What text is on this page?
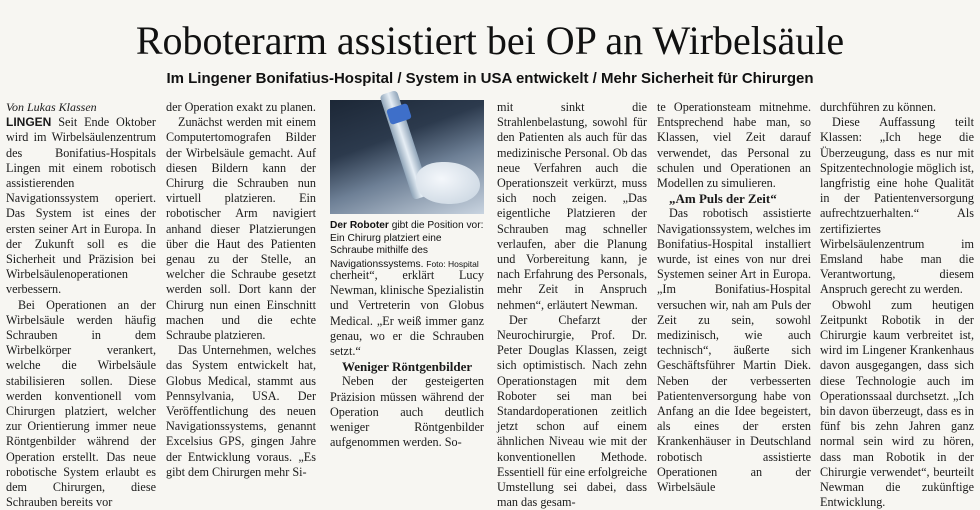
Roboterarm assistiert bei OP an Wirbelsäule
Im Lingener Bonifatius-Hospital / System in USA entwickelt / Mehr Sicherheit für Chirurgen

Von Lukas Klassen

LINGEN Seit Ende Oktober wird im Wirbelsäulenzentrum des Bonifatius-Hospitals Lingen mit einem robotisch assistierenden Navigationssystem operiert. Das System ist eines der ersten seiner Art in Europa. In der Zukunft soll es die Sicherheit und Präzision bei Wirbelsäulenoperationen verbessern.

Bei Operationen an der Wirbelsäule werden häufig Schrauben in dem Wirbelkörper verankert, welche die Wirbelsäule stabilisieren sollen. Diese werden konventionell vom Chirurgen platziert, welcher zur Orientierung immer neue Röntgenbilder während der Operation erstellt. Das neue robotische System erlaubt es dem Chirurgen, diese Schrauben bereits vor

der Operation exakt zu planen.

Zunächst werden mit einem Computertomografen Bilder der Wirbelsäule gemacht. Auf diesen Bildern kann der Chirurg die Schrauben nun virtuell platzieren. Ein robotischer Arm navigiert anhand dieser Platzierungen über die Haut des Patienten genau zu der Stelle, an welcher die Schraube gesetzt werden soll. Dort kann der Chirurg nun einen Einschnitt machen und die echte Schraube platzieren.

Das Unternehmen, welches das System entwickelt hat, Globus Medical, stammt aus Pennsylvania, USA. Der Veröffentlichung des neuen Navigationssystems, genannt Excelsius GPS, gingen Jahre der Entwicklung voraus. „Es gibt dem Chirurgen mehr Si-

Der Roboter gibt die Position vor: Ein Chirurg platziert eine Schraube mithilfe des Navigationssystems. Foto: Hospital

cherheit“, erklärt Lucy Newman, klinische Spezialistin und Vertreterin von Globus Medical. „Er weiß immer ganz genau, wo er die Schrauben setzt.“

Weniger Röntgenbilder

Neben der gesteigerten Präzision müssen während der Operation auch deutlich weniger Röntgenbilder aufgenommen werden. So-

mit sinkt die Strahlenbelastung, sowohl für den Patienten als auch für das medizinische Personal. Ob das neue Verfahren auch die Operationszeit verkürzt, muss sich noch zeigen. „Das eigentliche Platzieren der Schrauben mag schneller verlaufen, aber die Planung und Vorbereitung kann, je nach Erfahrung des Personals, mehr Zeit in Anspruch nehmen“, erläutert Newman.

Der Chefarzt der Neurochirurgie, Prof. Dr. Peter Douglas Klassen, zeigt sich optimistisch. Nach zehn Operationstagen mit dem Roboter sei man bei Standardoperationen zeitlich jetzt schon auf einem ähnlichen Niveau wie mit der konventionellen Methode. Essentiell für eine erfolgreiche Umstellung sei dabei, dass man das gesam-

te Operationsteam mitnehme. Entsprechend habe man, so Klassen, viel Zeit darauf verwendet, das Personal zu schulen und Operationen an Modellen zu simulieren.

„Am Puls der Zeit“

Das robotisch assistierte Navigationssystem, welches im Bonifatius-Hospital installiert wurde, ist eines von nur drei Systemen seiner Art in Europa. „Im Bonifatius-Hospital versuchen wir, nah am Puls der Zeit zu sein, sowohl medizinisch, wie auch technisch“, äußerte sich Geschäftsführer Martin Diek. Neben der verbesserten Patientenversorgung habe von Anfang an die Idee begeistert, als eines der ersten Krankenhäuser in Deutschland robotisch assistierte Operationen an der Wirbelsäule

durchführen zu können.

Diese Auffassung teilt Klassen: „Ich hege die Überzeugung, dass es nur mit Spitzentechnologie möglich ist, langfristig eine hohe Qualität in der Patientenversorgung aufrechtzuerhalten.“ Als zertifiziertes Wirbelsäulenzentrum im Emsland habe man die Verantwortung, diesem Anspruch gerecht zu werden.

Obwohl zum heutigen Zeitpunkt Robotik in der Chirurgie kaum verbreitet ist, wird im Lingener Krankenhaus davon ausgegangen, dass sich diese Technologie auch im Operationssaal durchsetzt. „Ich bin davon überzeugt, dass es in fünf bis zehn Jahren ganz normal sein wird zu hören, dass man Robotik in der Chirurgie verwendet“, beurteilt Newman die zukünftige Entwicklung.
